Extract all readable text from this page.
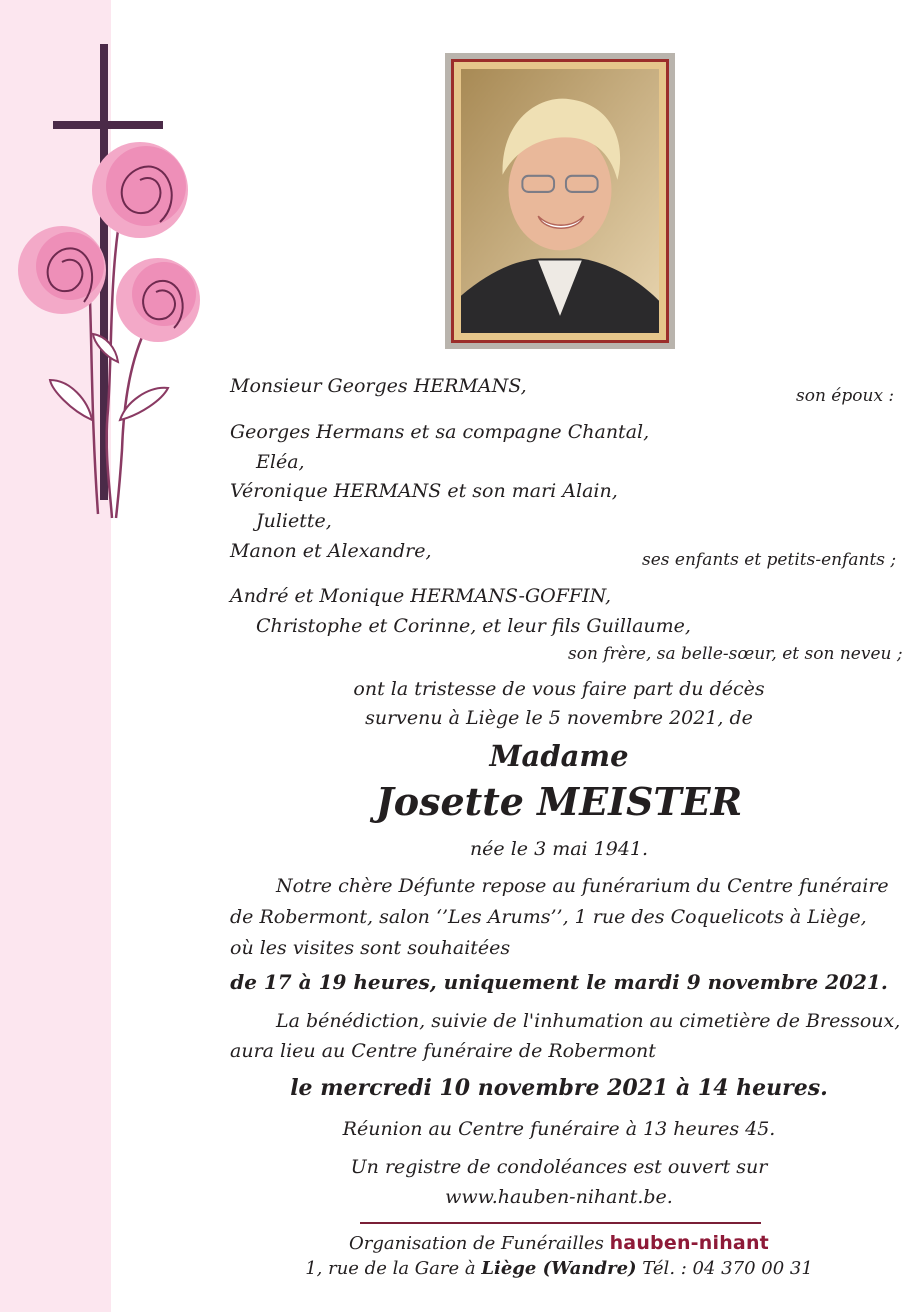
Monsieur Georges HERMANS,	son époux :
Georges Hermans et sa compagne Chantal,
Eléa,
Véronique HERMANS et son mari Alain,
Juliette,
Manon et Alexandre,	ses enfants et petits-enfants ;
André et Monique HERMANS-GOFFIN,
Christophe et Corinne, et leur fils Guillaume,
son frère, sa belle-sœur, et son neveu ;
ont la tristesse de vous faire part du décès
survenu à Liège le 5 novembre 2021, de
Madame
Josette MEISTER
née le 3 mai 1941.
Notre chère Défunte repose au funérarium du Centre funéraire
de Robermont, salon ‘’Les Arums’’, 1 rue des Coquelicots à Liège,
où les visites sont souhaitées
de 17 à 19 heures, uniquement le mardi 9 novembre 2021.
La bénédiction, suivie de l'inhumation au cimetière de Bressoux,
aura lieu au Centre funéraire de Robermont
le mercredi 10 novembre 2021 à 14 heures.
Réunion au Centre funéraire à 13 heures 45.
Un registre de condoléances est ouvert sur
www.hauben-nihant.be.
Organisation de Funérailles hauben-nihant
1, rue de la Gare à Liège (Wandre) Tél. : 04 370 00 31
